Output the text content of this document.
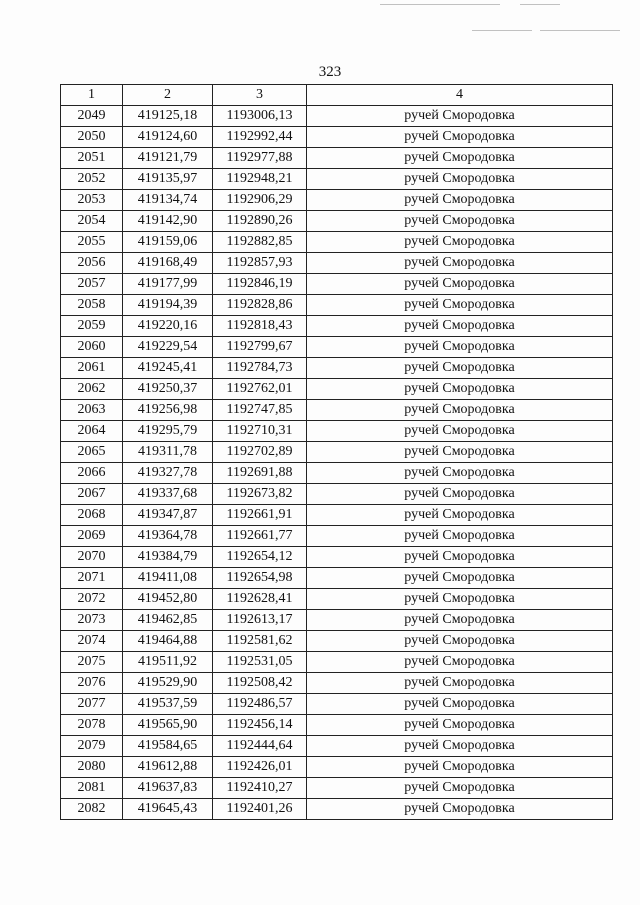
323
1	2	3	4
2049	419125,18	1193006,13	ручей Смородовка
2050	419124,60	1192992,44	ручей Смородовка
2051	419121,79	1192977,88	ручей Смородовка
2052	419135,97	1192948,21	ручей Смородовка
2053	419134,74	1192906,29	ручей Смородовка
2054	419142,90	1192890,26	ручей Смородовка
2055	419159,06	1192882,85	ручей Смородовка
2056	419168,49	1192857,93	ручей Смородовка
2057	419177,99	1192846,19	ручей Смородовка
2058	419194,39	1192828,86	ручей Смородовка
2059	419220,16	1192818,43	ручей Смородовка
2060	419229,54	1192799,67	ручей Смородовка
2061	419245,41	1192784,73	ручей Смородовка
2062	419250,37	1192762,01	ручей Смородовка
2063	419256,98	1192747,85	ручей Смородовка
2064	419295,79	1192710,31	ручей Смородовка
2065	419311,78	1192702,89	ручей Смородовка
2066	419327,78	1192691,88	ручей Смородовка
2067	419337,68	1192673,82	ручей Смородовка
2068	419347,87	1192661,91	ручей Смородовка
2069	419364,78	1192661,77	ручей Смородовка
2070	419384,79	1192654,12	ручей Смородовка
2071	419411,08	1192654,98	ручей Смородовка
2072	419452,80	1192628,41	ручей Смородовка
2073	419462,85	1192613,17	ручей Смородовка
2074	419464,88	1192581,62	ручей Смородовка
2075	419511,92	1192531,05	ручей Смородовка
2076	419529,90	1192508,42	ручей Смородовка
2077	419537,59	1192486,57	ручей Смородовка
2078	419565,90	1192456,14	ручей Смородовка
2079	419584,65	1192444,64	ручей Смородовка
2080	419612,88	1192426,01	ручей Смородовка
2081	419637,83	1192410,27	ручей Смородовка
2082	419645,43	1192401,26	ручей Смородовка
